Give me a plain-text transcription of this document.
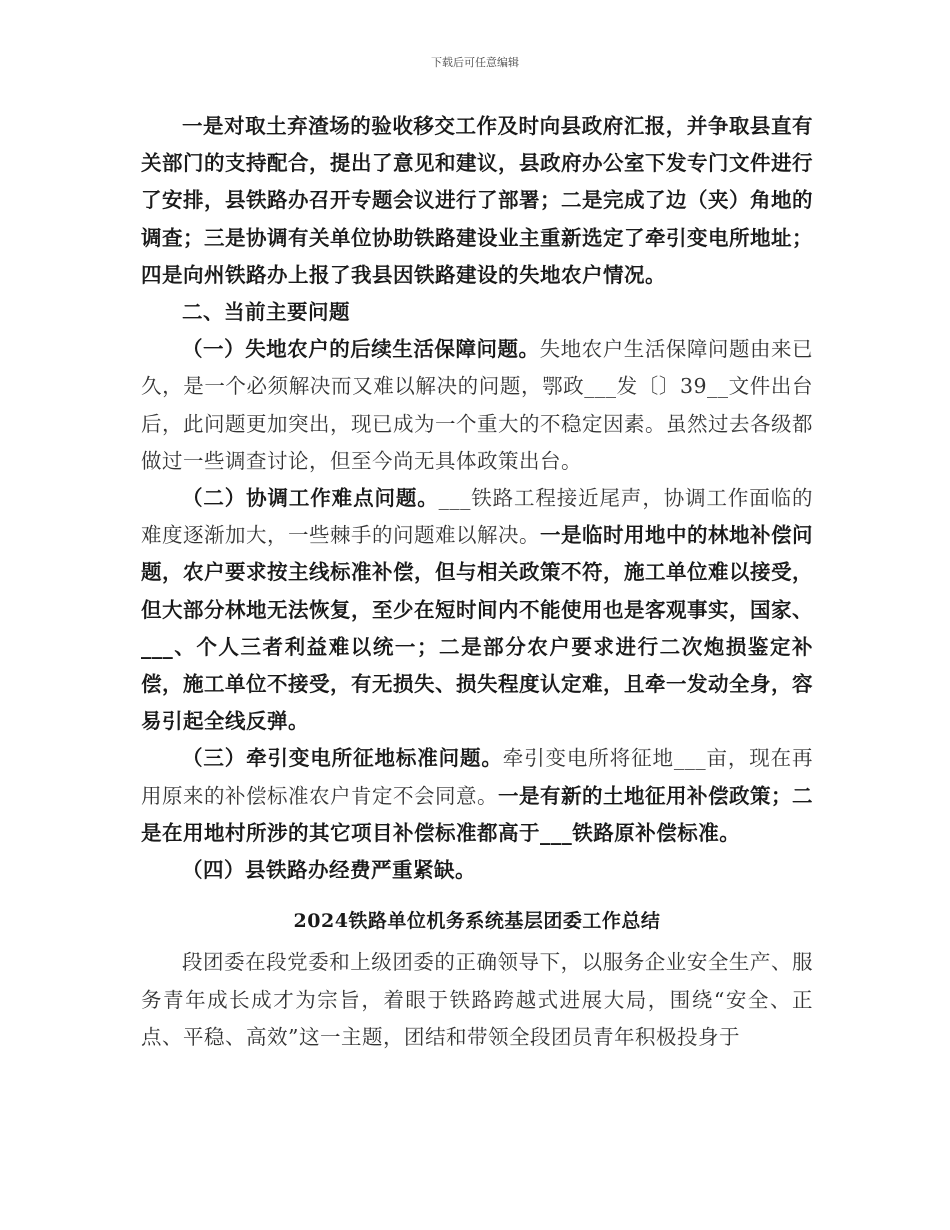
下载后可任意编辑

一是对取土弃渣场的验收移交工作及时向县政府汇报，并争取县直有关部门的支持配合，提出了意见和建议，县政府办公室下发专门文件进行了安排，县铁路办召开专题会议进行了部署；二是完成了边（夹）角地的调查；三是协调有关单位协助铁路建设业主重新选定了牵引变电所地址；四是向州铁路办上报了我县因铁路建设的失地农户情况。

二、当前主要问题

（一）失地农户的后续生活保障问题。失地农户生活保障问题由来已久，是一个必须解决而又难以解决的问题，鄂政___发〔〕39__文件出台后，此问题更加突出，现已成为一个重大的不稳定因素。虽然过去各级都做过一些调查讨论，但至今尚无具体政策出台。

（二）协调工作难点问题。___铁路工程接近尾声，协调工作面临的难度逐渐加大，一些棘手的问题难以解决。一是临时用地中的林地补偿问题，农户要求按主线标准补偿，但与相关政策不符，施工单位难以接受，但大部分林地无法恢复，至少在短时间内不能使用也是客观事实，国家、___、个人三者利益难以统一；二是部分农户要求进行二次炮损鉴定补偿，施工单位不接受，有无损失、损失程度认定难，且牵一发动全身，容易引起全线反弹。

（三）牵引变电所征地标准问题。牵引变电所将征地___亩，现在再用原来的补偿标准农户肯定不会同意。一是有新的土地征用补偿政策；二是在用地村所涉的其它项目补偿标准都高于___铁路原补偿标准。

（四）县铁路办经费严重紧缺。

2024铁路单位机务系统基层团委工作总结

段团委在段党委和上级团委的正确领导下，以服务企业安全生产、服务青年成长成才为宗旨，着眼于铁路跨越式进展大局，围绕“安全、正点、平稳、高效”这一主题，团结和带领全段团员青年积极投身于
